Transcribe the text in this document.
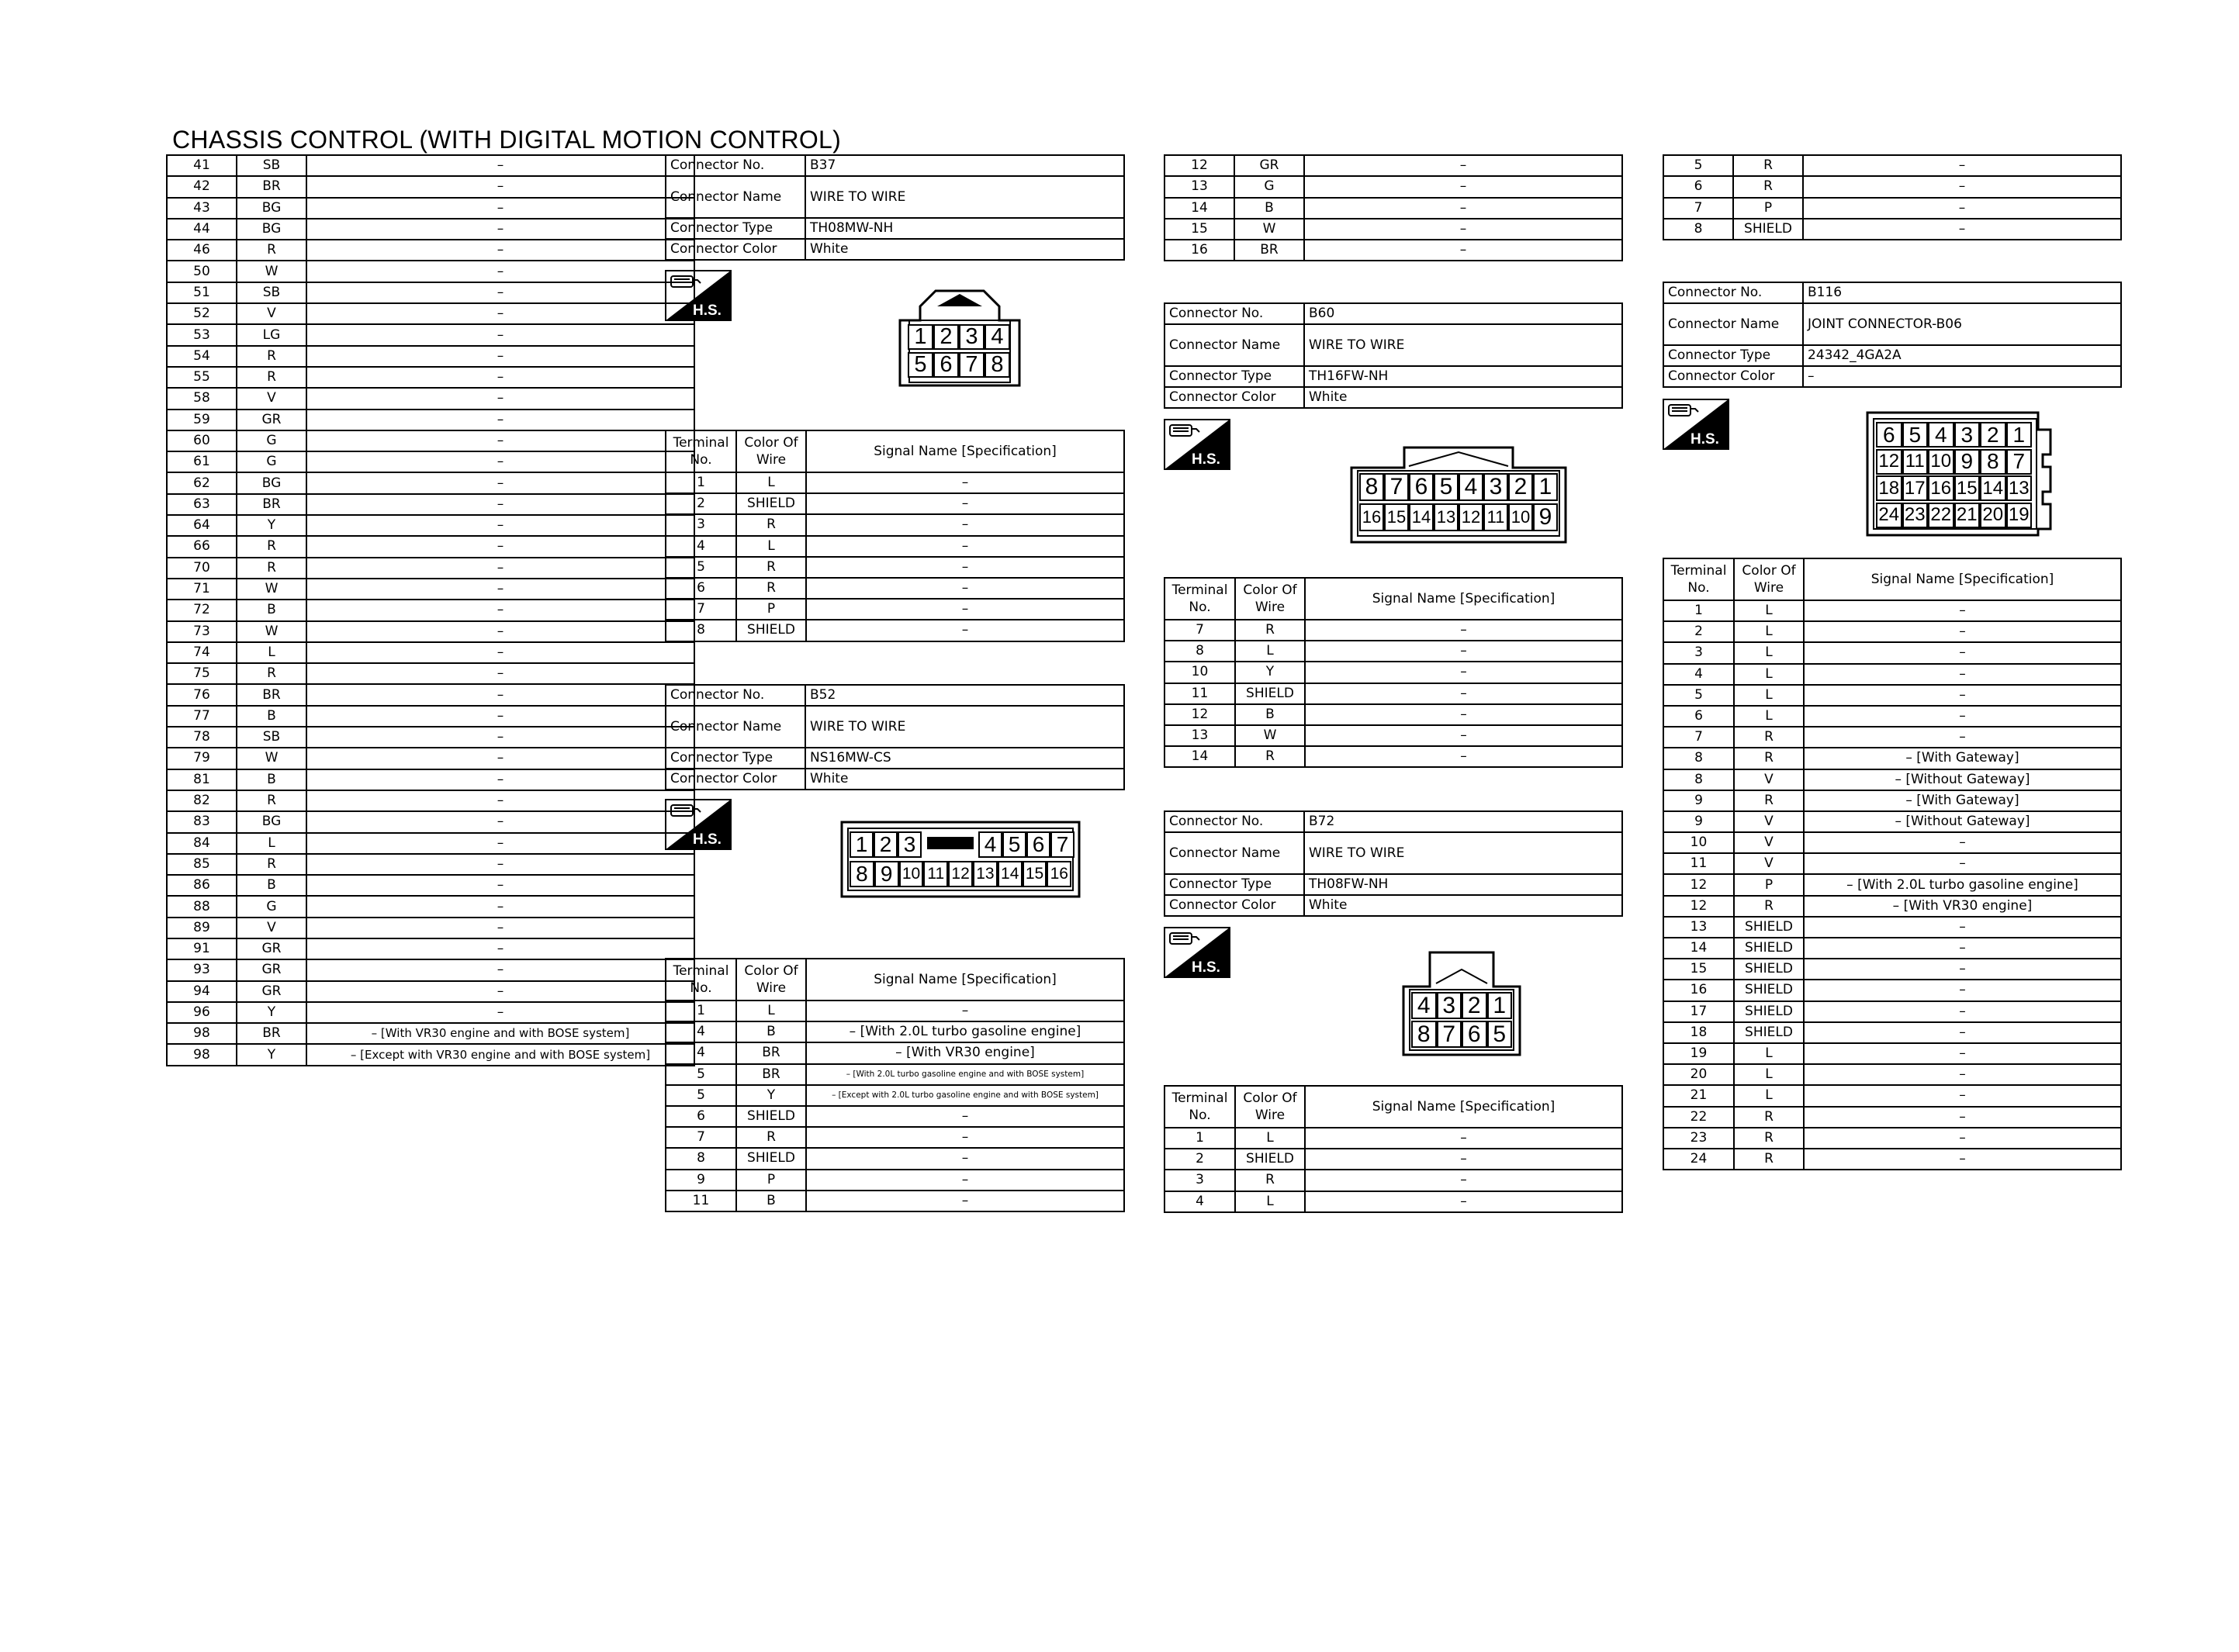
CHASSIS CONTROL (WITH DIGITAL MOTION CONTROL)
41	SB	–
42	BR	–
43	BG	–
44	BG	–
46	R	–
50	W	–
51	SB	–
52	V	–
53	LG	–
54	R	–
55	R	–
58	V	–
59	GR	–
60	G	–
61	G	–
62	BG	–
63	BR	–
64	Y	–
66	R	–
70	R	–
71	W	–
72	B	–
73	W	–
74	L	–
75	R	–
76	BR	–
77	B	–
78	SB	–
79	W	–
81	B	–
82	R	–
83	BG	–
84	L	–
85	R	–
86	B	–
88	G	–
89	V	–
91	GR	–
93	GR	–
94	GR	–
96	Y	–
98	BR	– [With VR30 engine and with BOSE system]
98	Y	– [Except with VR30 engine and with BOSE system]
Connector No.	B37
Connector Name	WIRE TO WIRE
Connector Type	TH08MW-NH
Connector Color	White
H.S.
1 2 3 4
5 6 7 8
Terminal No.	Color Of Wire	Signal Name [Specification]
1	L	–
2	SHIELD	–
3	R	–
4	L	–
5	R	–
6	R	–
7	P	–
8	SHIELD	–
Connector No.	B52
Connector Name	WIRE TO WIRE
Connector Type	NS16MW-CS
Connector Color	White
H.S.	1 2 3	4 5 6 7
8 9 10 11 12 13 14 15 16
Terminal No.	Color Of Wire	Signal Name [Specification]
1	L	–
4	B	– [With 2.0L turbo gasoline engine]
4	BR	– [With VR30 engine]
5	BR	– [With 2.0L turbo gasoline engine and with BOSE system]
5	Y	– [Except with 2.0L turbo gasoline engine and with BOSE system]
6	SHIELD	–
7	R	–
8	SHIELD	–
9	P	–
11	B	–
12	GR	–
13	G	–
14	B	–
15	W	–
16	BR	–
Connector No.	B60
Connector Name	WIRE TO WIRE
Connector Type	TH16FW-NH
Connector Color	White
H.S.
8 7 6 5 4 3 2 1
16 15 14 13 12 11 10 9
Terminal No.	Color Of Wire	Signal Name [Specification]
7	R	–
8	L	–
10	Y	–
11	SHIELD	–
12	B	–
13	W	–
14	R	–
Connector No.	B72
Connector Name	WIRE TO WIRE
Connector Type	TH08FW-NH
Connector Color	White
H.S.
4 3 2 1
8 7 6 5
Terminal No.	Color Of Wire	Signal Name [Specification]
1	L	–
2	SHIELD	–
3	R	–
4	L	–
5	R	–
6	R	–
7	P	–
8	SHIELD	–
Connector No.	B116
Connector Name	JOINT CONNECTOR-B06
Connector Type	24342_4GA2A
Connector Color	–
H.S.	6 5 4 3 2 1
12 11 10 9 8 7
18 17 16 15 14 13
24 23 22 21 20 19
Terminal No.	Color Of Wire	Signal Name [Specification]
1	L	–
2	L	–
3	L	–
4	L	–
5	L	–
6	L	–
7	R	–
8	R	– [With Gateway]
8	V	– [Without Gateway]
9	R	– [With Gateway]
9	V	– [Without Gateway]
10	V	–
11	V	–
12	P	– [With 2.0L turbo gasoline engine]
12	R	– [With VR30 engine]
13	SHIELD	–
14	SHIELD	–
15	SHIELD	–
16	SHIELD	–
17	SHIELD	–
18	SHIELD	–
19	L	–
20	L	–
21	L	–
22	R	–
23	R	–
24	R	–
